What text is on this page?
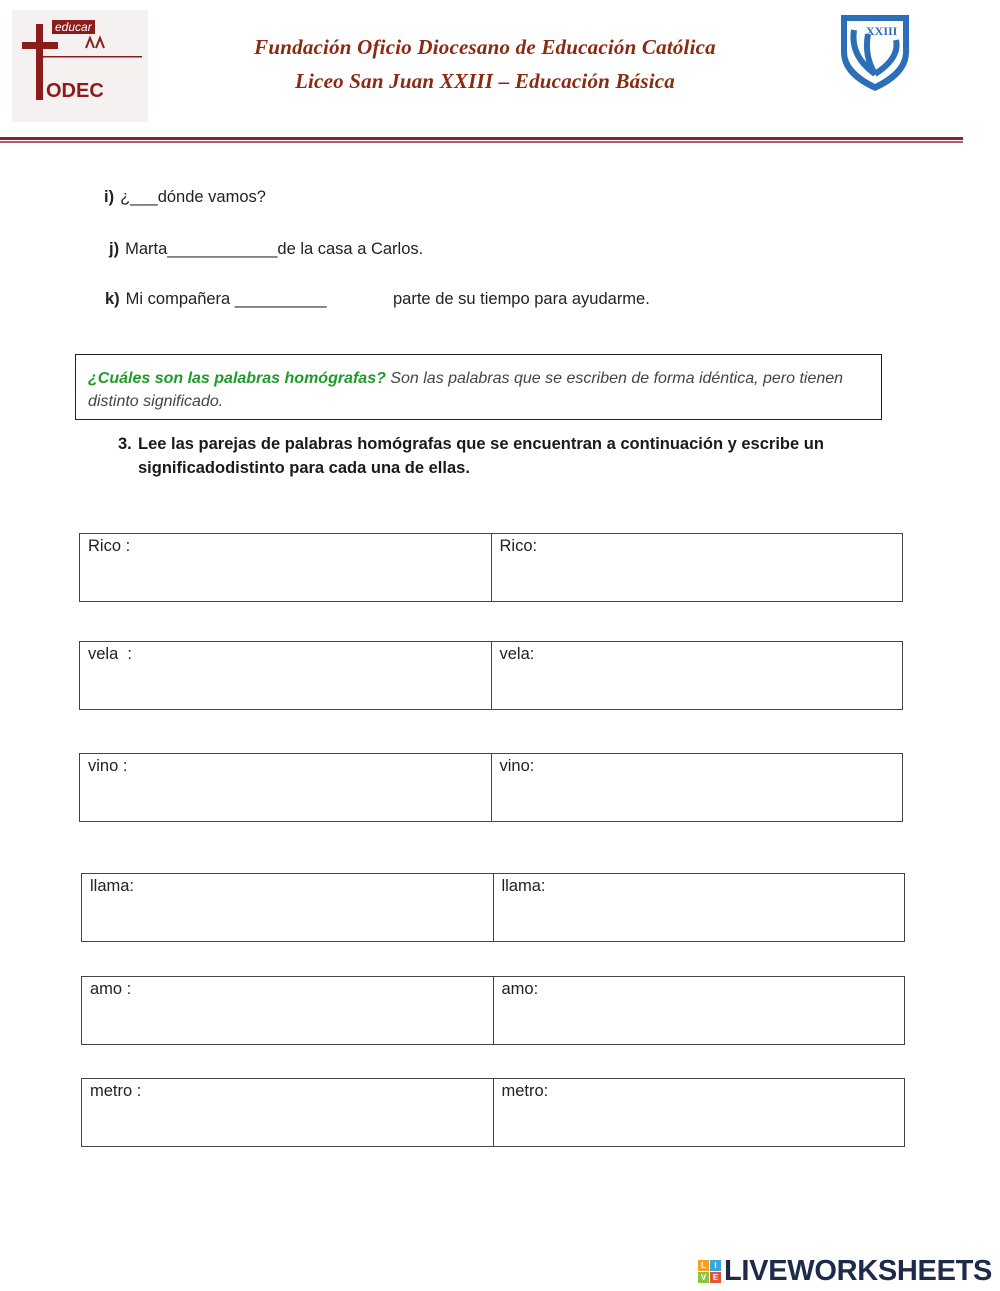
educar
ODEC
Fundación Oficio Diocesano de Educación Católica
Liceo San Juan XXIII – Educación Básica
XXIII
i) ¿___dónde vamos?
j) Marta____________de la casa a Carlos.
k) Mi compañera __________	parte de su tiempo para ayudarme.
¿Cuáles son las palabras homógrafas? Son las palabras que se escriben de forma idéntica, pero tienen distinto significado.
3. Lee las parejas de palabras homógrafas que se encuentran a continuación y escribe un significadodistinto para cada una de ellas.
Rico :	Rico:
vela  :	vela:
vino :	vino:
llama:	llama:
amo :	amo:
metro :	metro:
L	I
V E LIVEWORKSHEETS
